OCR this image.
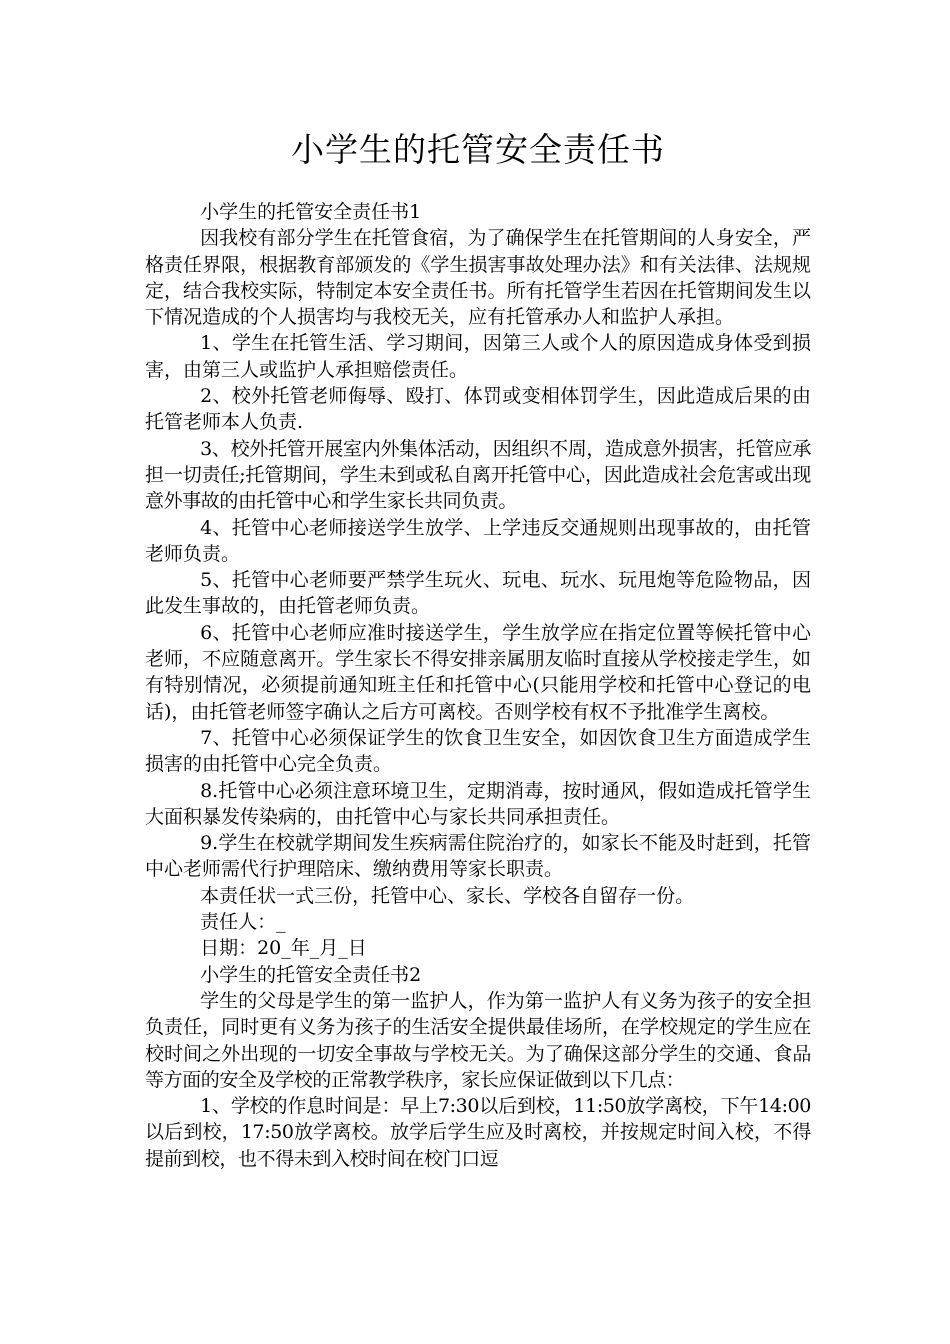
小学生的托管安全责任书

小学生的托管安全责任书1

因我校有部分学生在托管食宿，为了确保学生在托管期间的人身安全，严格责任界限，根据教育部颁发的《学生损害事故处理办法》和有关法律、法规规定，结合我校实际，特制定本安全责任书。所有托管学生若因在托管期间发生以下情况造成的个人损害均与我校无关，应有托管承办人和监护人承担。

1、学生在托管生活、学习期间，因第三人或个人的原因造成身体受到损害，由第三人或监护人承担赔偿责任。

2、校外托管老师侮辱、殴打、体罚或变相体罚学生，因此造成后果的由托管老师本人负责.

3、校外托管开展室内外集体活动，因组织不周，造成意外损害，托管应承担一切责任;托管期间，学生未到或私自离开托管中心，因此造成社会危害或出现意外事故的由托管中心和学生家长共同负责。

4、托管中心老师接送学生放学、上学违反交通规则出现事故的，由托管老师负责。

5、托管中心老师要严禁学生玩火、玩电、玩水、玩甩炮等危险物品，因此发生事故的，由托管老师负责。

6、托管中心老师应准时接送学生，学生放学应在指定位置等候托管中心老师，不应随意离开。学生家长不得安排亲属朋友临时直接从学校接走学生，如有特别情况，必须提前通知班主任和托管中心(只能用学校和托管中心登记的电话)，由托管老师签字确认之后方可离校。否则学校有权不予批准学生离校。

7、托管中心必须保证学生的饮食卫生安全，如因饮食卫生方面造成学生损害的由托管中心完全负责。

8.托管中心必须注意环境卫生，定期消毒，按时通风，假如造成托管学生大面积暴发传染病的，由托管中心与家长共同承担责任。

9.学生在校就学期间发生疾病需住院治疗的，如家长不能及时赶到，托管中心老师需代行护理陪床、缴纳费用等家长职责。

本责任状一式三份，托管中心、家长、学校各自留存一份。

责任人：_

日期：20_年_月_日

小学生的托管安全责任书2

学生的父母是学生的第一监护人，作为第一监护人有义务为孩子的安全担负责任，同时更有义务为孩子的生活安全提供最佳场所，在学校规定的学生应在校时间之外出现的一切安全事故与学校无关。为了确保这部分学生的交通、食品等方面的安全及学校的正常教学秩序，家长应保证做到以下几点：

1、学校的作息时间是：早上7:30以后到校，11:50放学离校，下午14:00以后到校，17:50放学离校。放学后学生应及时离校，并按规定时间入校，不得提前到校，也不得未到入校时间在校门口逗
